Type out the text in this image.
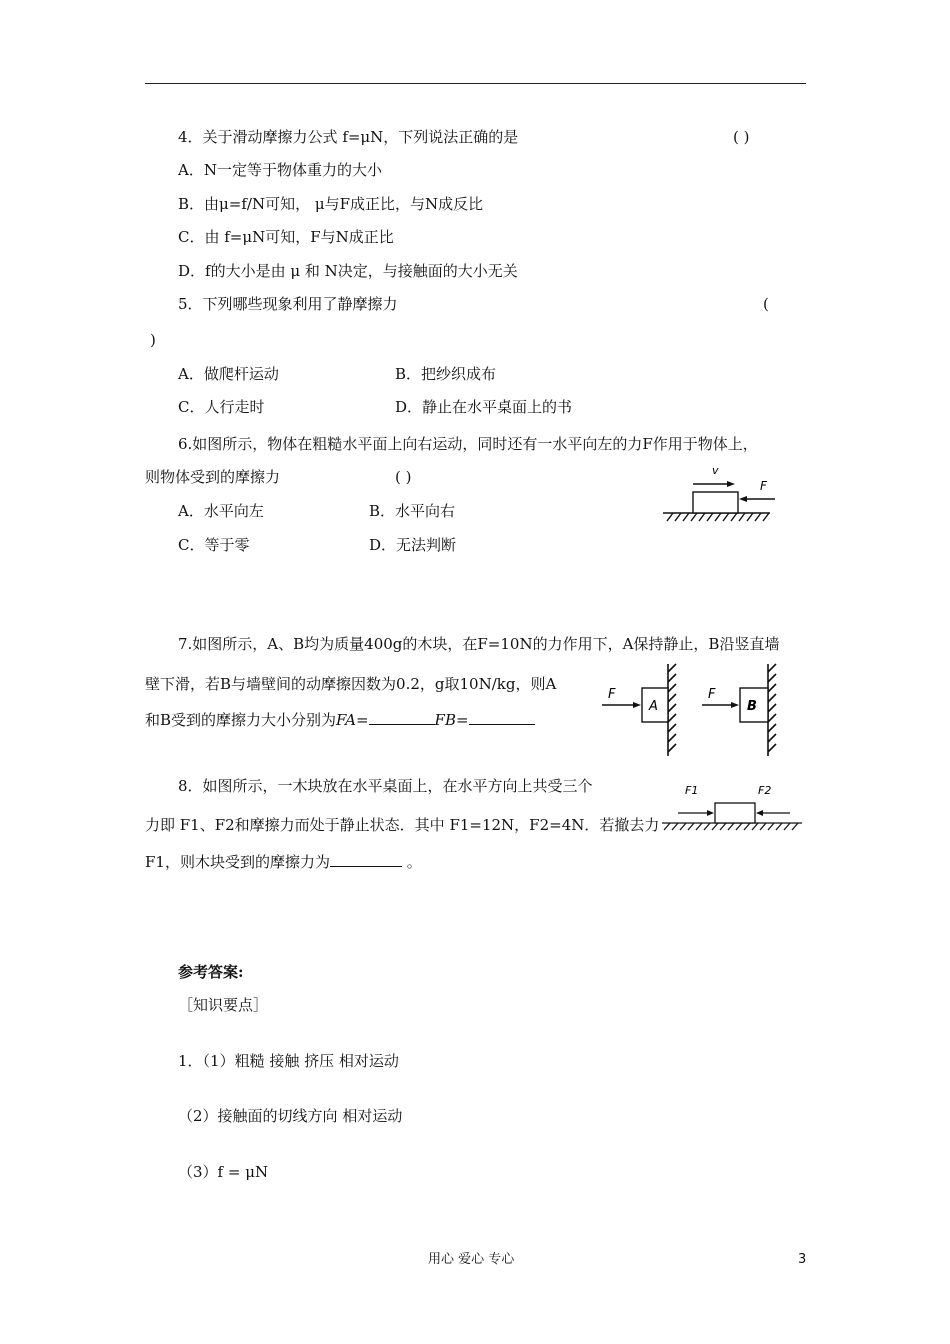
4．关于滑动摩擦力公式 f=μN，下列说法正确的是	( )
A．N一定等于物体重力的大小
B．由μ=f/N可知， μ与F成正比，与N成反比
C．由 f=μN可知，F与N成正比
D．f的大小是由 μ 和 N决定，与接触面的大小无关
5．下列哪些现象利用了静摩擦力	(
)
A．做爬杆运动	B．把纱织成布
C．人行走时	D．静止在水平桌面上的书
6.如图所示，物体在粗糙水平面上向右运动，同时还有一水平向左的力F作用于物体上，
则物体受到的摩擦力	( )
A．水平向左	B．水平向右
C．等于零	D．无法判断
v
F
7.如图所示，A、B均为质量400g的木块，在F=10N的力作用下，A保持静止，B沿竖直墙
壁下滑，若B与墙壁间的动摩擦因数为0.2，g取10N/kg，则A
和B受到的摩擦力大小分别为FA=	FB=
A
F
B
F
8．如图所示，一木块放在水平桌面上，在水平方向上共受三个
力即 F1、F2和摩擦力而处于静止状态．其中 F1=12N，F2=4N．若撤去力
F1，则木块受到的摩擦力为	。
F1	F2
参考答案:
［知识要点］
1．（1）粗糙 接触 挤压 相对运动
（2）接触面的切线方向 相对运动
（3）f = μN
用心 爱心 专心	3
